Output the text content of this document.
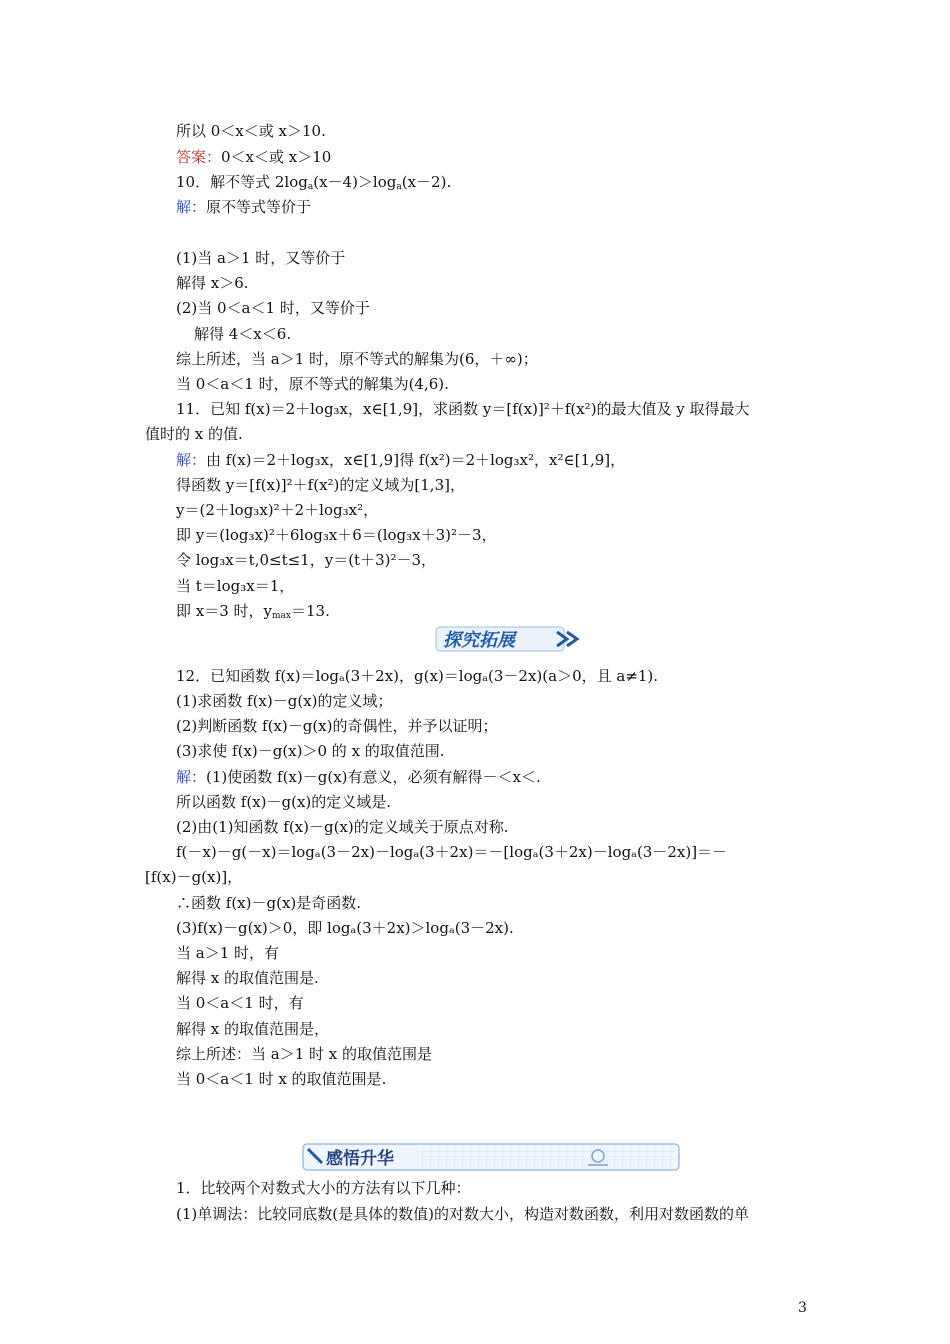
所以 0＜x＜或 x＞10.
答案：0＜x＜或 x＞10
10．解不等式 $2\log_a(x-4)>\log_a(x-2)$.
解：原不等式等价于
(1)当 a＞1 时，又等价于
解得 x＞6.
(2)当 0＜a＜1 时，又等价于
解得 4＜x＜6.
综上所述，当 a＞1 时，原不等式的解集为(6，＋∞)；
当 0＜a＜1 时，原不等式的解集为(4,6).
11．已知 f(x)＝2＋log₃x，x∈[1,9]，求函数 y＝[f(x)]²＋f(x²)的最大值及 y 取得最大
值时的 x 的值.
解：由 f(x)＝2＋log₃x，x∈[1,9]得 f(x²)＝2＋log₃x²，x²∈[1,9]，
得函数 y＝[f(x)]²＋f(x²)的定义域为[1,3]，
y＝(2＋log₃x)²＋2＋log₃x²，
即 y＝(log₃x)²＋6log₃x＋6＝(log₃x＋3)²－3，
令 log₃x＝t,0≤t≤1，y＝(t＋3)²－3，
当 t＝log₃x＝1，
即 x＝3 时，$y_{max}=13$.
探究拓展
12．已知函数 f(x)＝logₐ(3＋2x)，g(x)＝logₐ(3－2x)(a＞0，且 a≠1).
(1)求函数 f(x)－g(x)的定义域；
(2)判断函数 f(x)－g(x)的奇偶性，并予以证明；
(3)求使 f(x)－g(x)＞0 的 x 的取值范围.
解：(1)使函数 f(x)－g(x)有意义，必须有解得－＜x＜.
所以函数 f(x)－g(x)的定义域是.
(2)由(1)知函数 f(x)－g(x)的定义域关于原点对称.
f(－x)－g(－x)＝logₐ(3－2x)－logₐ(3＋2x)＝－[logₐ(3＋2x)－logₐ(3－2x)]＝－
[f(x)－g(x)]，
∴函数 f(x)－g(x)是奇函数.
(3)f(x)－g(x)＞0，即 logₐ(3＋2x)＞logₐ(3－2x).
当 a＞1 时，有
解得 x 的取值范围是.
当 0＜a＜1 时，有
解得 x 的取值范围是，
综上所述：当 a＞1 时 x 的取值范围是
当 0＜a＜1 时 x 的取值范围是.
感悟升华
1．比较两个对数式大小的方法有以下几种：
(1)单调法：比较同底数(是具体的数值)的对数大小，构造对数函数，利用对数函数的单
3
